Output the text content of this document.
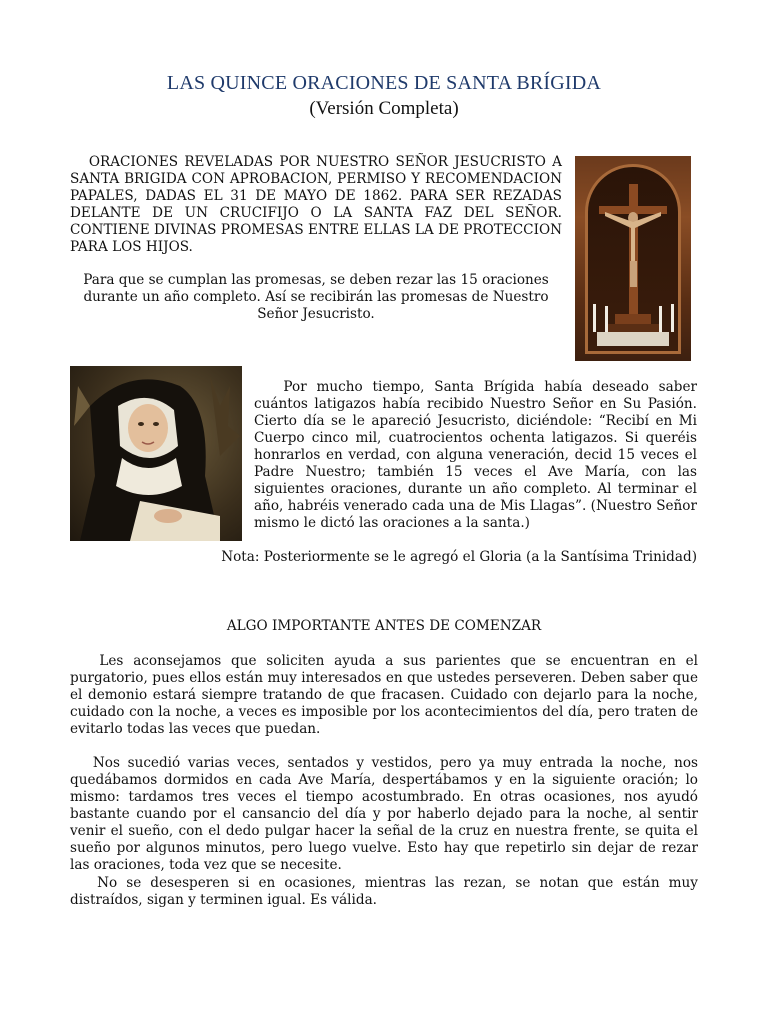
LAS QUINCE ORACIONES DE SANTA BRÍGIDA
(Versión Completa)
ORACIONES REVELADAS POR NUESTRO SEÑOR JESUCRISTO A SANTA BRIGIDA CON APROBACION, PERMISO Y RECOMENDACION PAPALES, DADAS EL 31 DE MAYO DE 1862. PARA SER REZADAS DELANTE DE UN CRUCIFIJO O LA SANTA FAZ DEL SEÑOR. CONTIENE DIVINAS PROMESAS ENTRE ELLAS LA DE PROTECCION PARA LOS HIJOS.
Para que se cumplan las promesas, se deben rezar las 15 oraciones durante un año completo. Así se recibirán las promesas de Nuestro Señor Jesucristo.
Por mucho tiempo, Santa Brígida había deseado saber cuántos latigazos había recibido Nuestro Señor en Su Pasión. Cierto día se le apareció Jesucristo, diciéndole: “Recibí en Mi Cuerpo cinco mil, cuatrocientos ochenta latigazos. Si queréis honrarlos en verdad, con alguna veneración, decid 15 veces el Padre Nuestro; también 15 veces el Ave María, con las siguientes oraciones, durante un año completo. Al terminar el año, habréis venerado cada una de Mis Llagas”. (Nuestro Señor mismo le dictó las oraciones a la santa.)
Nota: Posteriormente se le agregó el Gloria (a la Santísima Trinidad)
ALGO IMPORTANTE ANTES DE COMENZAR
Les aconsejamos que soliciten ayuda a sus parientes que se encuentran en el purgatorio, pues ellos están muy interesados en que ustedes perseveren. Deben saber que el demonio estará siempre tratando de que fracasen. Cuidado con dejarlo para la noche, cuidado con la noche, a veces es imposible por los acontecimientos del día, pero traten de evitarlo todas las veces que puedan.
Nos sucedió varias veces, sentados y vestidos, pero ya muy entrada la noche, nos quedábamos dormidos en cada Ave María, despertábamos y en la siguiente oración; lo mismo: tardamos tres veces el tiempo acostumbrado. En otras ocasiones, nos ayudó bastante cuando por el cansancio del día y por haberlo dejado para la noche, al sentir venir el sueño, con el dedo pulgar hacer la señal de la cruz en nuestra frente, se quita el sueño por algunos minutos, pero luego vuelve. Esto hay que repetirlo sin dejar de rezar las oraciones, toda vez que se necesite.
No se desesperen si en ocasiones, mientras las rezan, se notan que están muy distraídos, sigan y terminen igual. Es válida.
